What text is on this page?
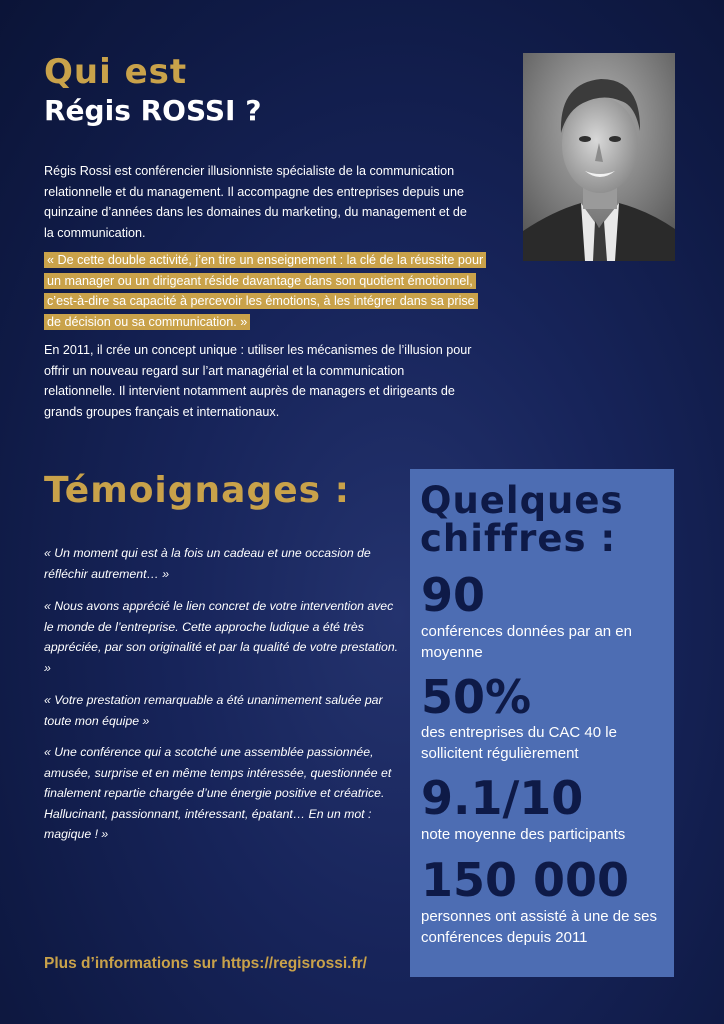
Qui est
Régis ROSSI ?
Régis Rossi est conférencier illusionniste spécialiste de la communication relationnelle et du management. Il accompagne des entreprises depuis une quinzaine d’années dans les domaines du marketing, du management et de la communication.
« De cette double activité, j’en tire un enseignement : la clé de la réussite pour un manager ou un dirigeant réside davantage dans son quotient émotionnel, c’est-à-dire sa capacité à percevoir les émotions, à les intégrer dans sa prise de décision ou sa communication. »
En 2011, il crée un concept unique : utiliser les mécanismes de l’illusion pour offrir un nouveau regard sur l’art managérial et la communication relationnelle. Il intervient notamment auprès de managers et dirigeants de grands groupes français et internationaux.
Témoignages :
« Un moment qui est à la fois un cadeau et une occasion de réfléchir autrement… »
« Nous avons apprécié le lien concret de votre intervention avec le monde de l’entreprise. Cette approche ludique a été très appréciée, par son originalité et par la qualité de votre prestation. »
« Votre prestation remarquable a été unanimement saluée par toute mon équipe »
« Une conférence qui a scotché une assemblée passionnée, amusée, surprise et en même temps intéressée, questionnée et finalement repartie chargée d’une énergie positive et créatrice. Hallucinant, passionnant, intéressant, épatant… En un mot : magique ! »
Plus d’informations sur https://regisrossi.fr/
Quelques chiffres :
90
conférences données par an en moyenne
50%
des entreprises du CAC 40 le sollicitent régulièrement
9.1/10
note moyenne des participants
150 000
personnes ont assisté à une de ses conférences depuis 2011
